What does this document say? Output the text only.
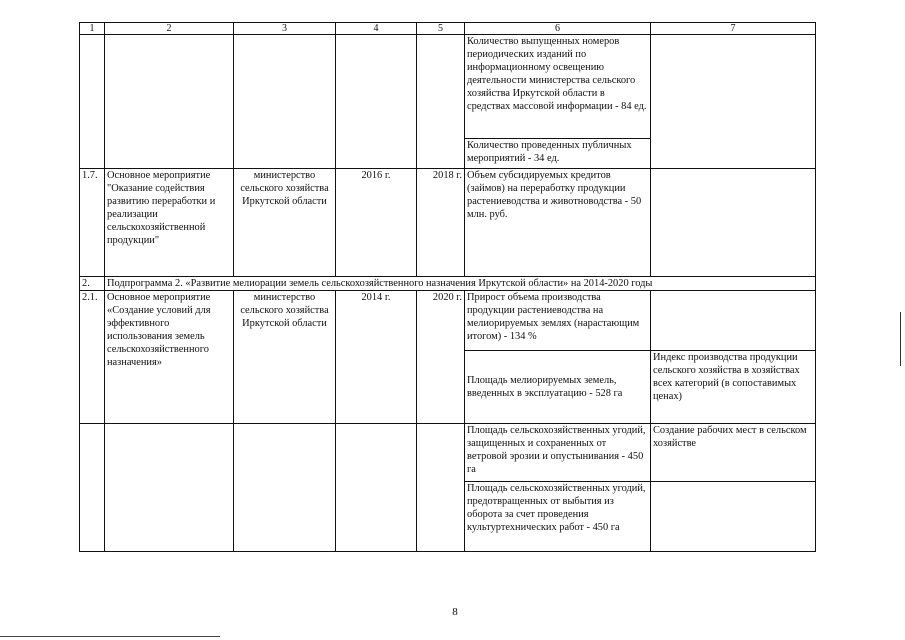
1	2	3	4	5	6	7
					Количество выпущенных номеров периодических изданий по информационному освещению деятельности министерства сельского хозяйства Иркутской области в средствах массовой информации - 84 ед.	
					Количество проведенных публичных мероприятий - 34 ед.	
1.7.	Основное мероприятие "Оказание содействия развитию переработки и реализации сельскохозяйственной продукции"	министерство сельского хозяйства Иркутской области	2016 г.	2018 г.	Объем субсидируемых кредитов (займов) на переработку продукции растениеводства и животноводства - 50 млн. руб.	
2.	Подпрограмма 2. «Развитие мелиорации земель сельскохозяйственного назначения Иркутской области» на 2014-2020 годы					
2.1.	Основное мероприятие «Создание условий для эффективного использования земель сельскохозяйственного назначения»	министерство сельского хозяйства Иркутской области	2014 г.	2020 г.	Прирост объема производства продукции растениеводства на мелиорируемых землях (нарастающим итогом) - 134 %	
					Площадь мелиорируемых земель, введенных в эксплуатацию - 528 га	Индекс производства продукции сельского хозяйства в хозяйствах всех категорий (в сопоставимых ценах)
					Площадь сельскохозяйственных угодий, защищенных и сохраненных от ветровой эрозии и опустынивания - 450 га	Создание рабочих мест в сельском хозяйстве
					Площадь сельскохозяйственных угодий, предотвращенных от выбытия из оборота за счет проведения культуртехнических работ - 450 га	
8
